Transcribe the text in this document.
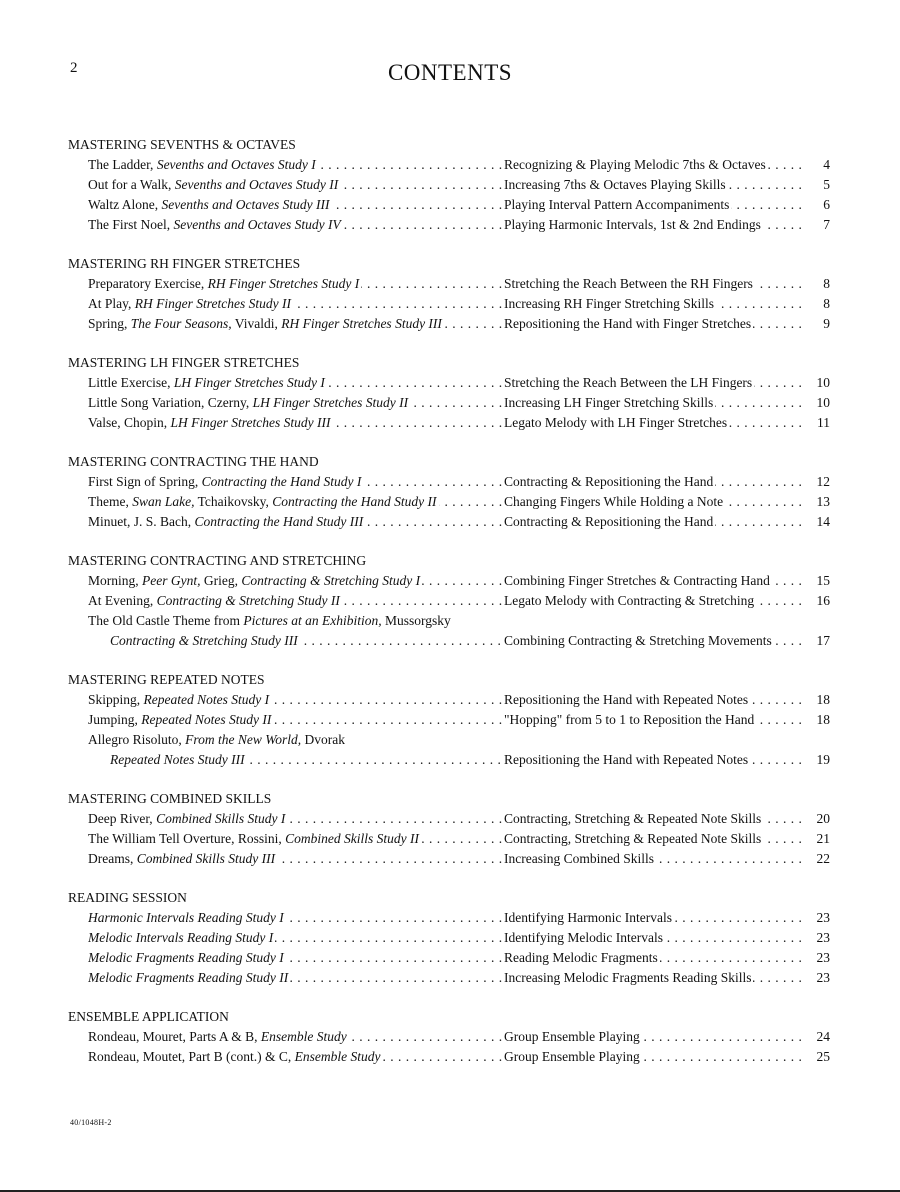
2	CONTENTS
MASTERING SEVENTHS & OCTAVES
The Ladder, Sevenths and Octaves Study I . . .	Recognizing & Playing Melodic 7ths & Octaves . . .	4
Out for a Walk, Sevenths and Octaves Study II . . .	Increasing 7ths & Octaves Playing Skills . . .	5
Waltz Alone, Sevenths and Octaves Study III . . .	Playing Interval Pattern Accompaniments . . .	6
The First Noel, Sevenths and Octaves Study IV . . .	Playing Harmonic Intervals, 1st & 2nd Endings . . .	7
MASTERING RH FINGER STRETCHES
Preparatory Exercise, RH Finger Stretches Study I . . .	Stretching the Reach Between the RH Fingers . . .	8
At Play, RH Finger Stretches Study II . . .	Increasing RH Finger Stretching Skills . . .	8
Spring, The Four Seasons, Vivaldi, RH Finger Stretches Study III . . .	Repositioning the Hand with Finger Stretches . . .	9
MASTERING LH FINGER STRETCHES
Little Exercise, LH Finger Stretches Study I . . .	Stretching the Reach Between the LH Fingers . . .	10
Little Song Variation, Czerny, LH Finger Stretches Study II . . .	Increasing LH Finger Stretching Skills . . .	10
Valse, Chopin, LH Finger Stretches Study III . . .	Legato Melody with LH Finger Stretches . . .	11
MASTERING CONTRACTING THE HAND
First Sign of Spring, Contracting the Hand Study I . . .	Contracting & Repositioning the Hand . . .	12
Theme, Swan Lake, Tchaikovsky, Contracting the Hand Study II . . .	Changing Fingers While Holding a Note . . .	13
Minuet, J. S. Bach, Contracting the Hand Study III . . .	Contracting & Repositioning the Hand . . .	14
MASTERING CONTRACTING AND STRETCHING
Morning, Peer Gynt, Grieg, Contracting & Stretching Study I . . .	Combining Finger Stretches & Contracting Hand . . .	15
At Evening, Contracting & Stretching Study II . . .	Legato Melody with Contracting & Stretching . . .	16
The Old Castle Theme from Pictures at an Exhibition, Mussorgsky
Contracting & Stretching Study III . . .	Combining Contracting & Stretching Movements . . .	17
MASTERING REPEATED NOTES
Skipping, Repeated Notes Study I . . .	Repositioning the Hand with Repeated Notes . . .	18
Jumping, Repeated Notes Study II . . .	"Hopping" from 5 to 1 to Reposition the Hand . . .	18
Allegro Risoluto, From the New World, Dvorak
Repeated Notes Study III . . .	Repositioning the Hand with Repeated Notes . . .	19
MASTERING COMBINED SKILLS
Deep River, Combined Skills Study I . . .	Contracting, Stretching & Repeated Note Skills . . .	20
The William Tell Overture, Rossini, Combined Skills Study II . . .	Contracting, Stretching & Repeated Note Skills . . .	21
Dreams, Combined Skills Study III . . .	Increasing Combined Skills . . .	22
READING SESSION
Harmonic Intervals Reading Study I . . .	Identifying Harmonic Intervals . . .	23
Melodic Intervals Reading Study I . . .	Identifying Melodic Intervals . . .	23
Melodic Fragments Reading Study I . . .	Reading Melodic Fragments . . .	23
Melodic Fragments Reading Study II . . .	Increasing Melodic Fragments Reading Skills . . .	23
ENSEMBLE APPLICATION
Rondeau, Mouret, Parts A & B, Ensemble Study . . .	Group Ensemble Playing . . .	24
Rondeau, Moutet, Part B (cont.) & C, Ensemble Study . . .	Group Ensemble Playing . . .	25
40/1048H-2
